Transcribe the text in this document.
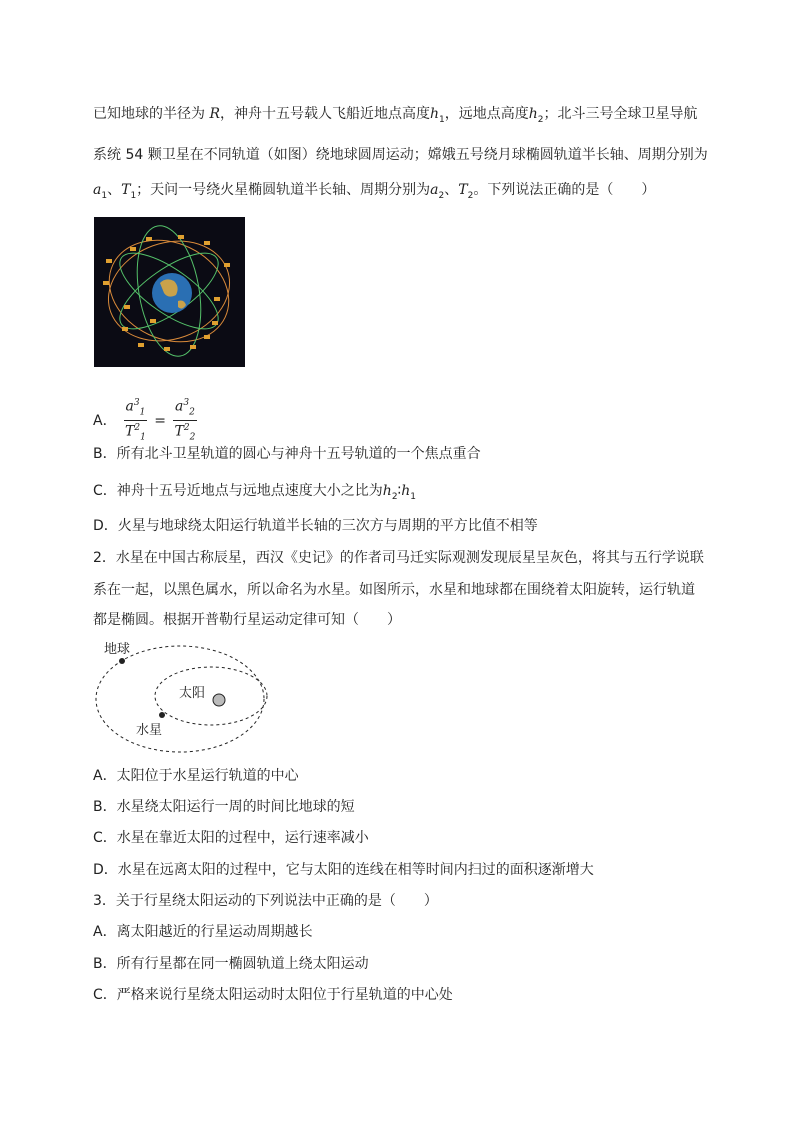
已知地球的半径为 R，神舟十五号载人飞船近地点高度$h_1$，远地点高度$h_2$；北斗三号全球卫星导航
系统 54 颗卫星在不同轨道（如图）绕地球圆周运动；嫦娥五号绕月球椭圆轨道半长轴、周期分别为
$a_1$、$T_1$；天问一号绕火星椭圆轨道半长轴、周期分别为$a_2$、$T_2$。下列说法正确的是（　　）
A． $\frac{a^3_1}{T^2_1} = \frac{a^3_2}{T^2_2}$
B．所有北斗卫星轨道的圆心与神舟十五号轨道的一个焦点重合
C．神舟十五号近地点与远地点速度大小之比为$h_2∶h_1$
D．火星与地球绕太阳运行轨道半长轴的三次方与周期的平方比值不相等
2．水星在中国古称辰星，西汉《史记》的作者司马迁实际观测发现辰星呈灰色，将其与五行学说联
系在一起，以黑色属水，所以命名为水星。如图所示，水星和地球都在围绕着太阳旋转，运行轨道
都是椭圆。根据开普勒行星运动定律可知（　　）
地球
太阳
水星
A．太阳位于水星运行轨道的中心
B．水星绕太阳运行一周的时间比地球的短
C．水星在靠近太阳的过程中，运行速率减小
D．水星在远离太阳的过程中，它与太阳的连线在相等时间内扫过的面积逐渐增大
3．关于行星绕太阳运动的下列说法中正确的是（　　）
A．离太阳越近的行星运动周期越长
B．所有行星都在同一椭圆轨道上绕太阳运动
C．严格来说行星绕太阳运动时太阳位于行星轨道的中心处
